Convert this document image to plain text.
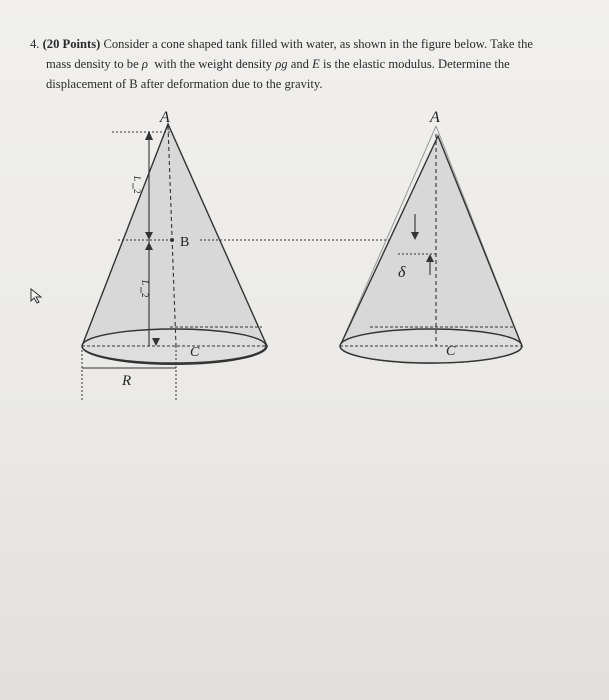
4. (20 Points) Consider a cone shaped tank filled with water, as shown in the figure below. Take the
mass density to be ρ with the weight density ρg and E is the elastic modulus. Determine the
displacement of B after deformation due to the gravity.
A
B
C
R
L
2
L
2
δ
A
C
